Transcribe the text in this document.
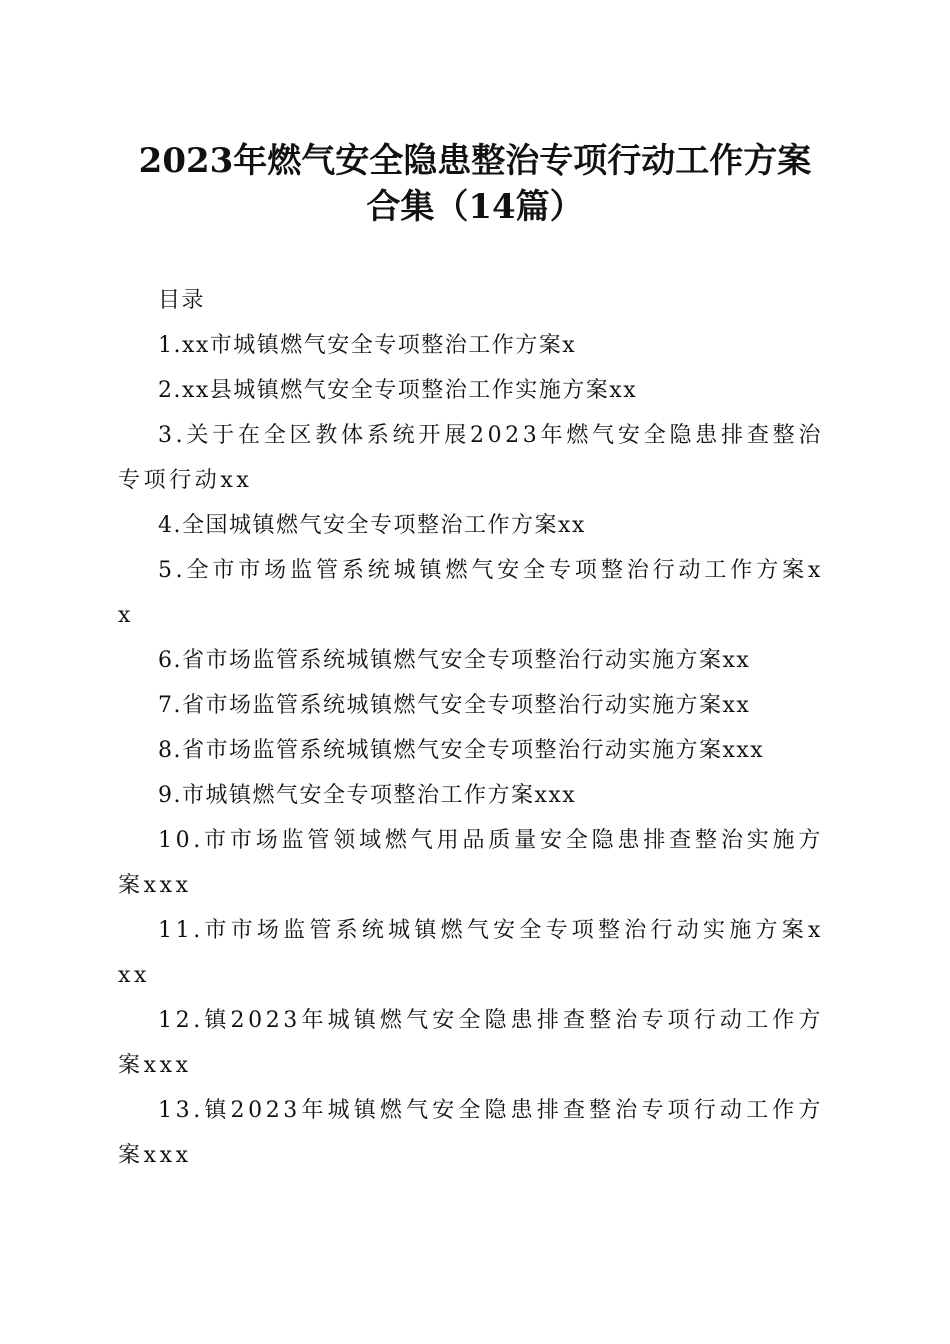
2023年燃气安全隐患整治专项行动工作方案
合集（14篇）

目录

1.xx市城镇燃气安全专项整治工作方案x

2.xx县城镇燃气安全专项整治工作实施方案xx

3.关于在全区教体系统开展2023年燃气安全隐患排查整治专项行动xx

4.全国城镇燃气安全专项整治工作方案xx

5.全市市场监管系统城镇燃气安全专项整治行动工作方案xx

6.省市场监管系统城镇燃气安全专项整治行动实施方案xx

7.省市场监管系统城镇燃气安全专项整治行动实施方案xx

8.省市场监管系统城镇燃气安全专项整治行动实施方案xxx

9.市城镇燃气安全专项整治工作方案xxx

10.市市场监管领域燃气用品质量安全隐患排查整治实施方案xxx

11.市市场监管系统城镇燃气安全专项整治行动实施方案xxx

12.镇2023年城镇燃气安全隐患排查整治专项行动工作方案xxx

13.镇2023年城镇燃气安全隐患排查整治专项行动工作方案xxx
